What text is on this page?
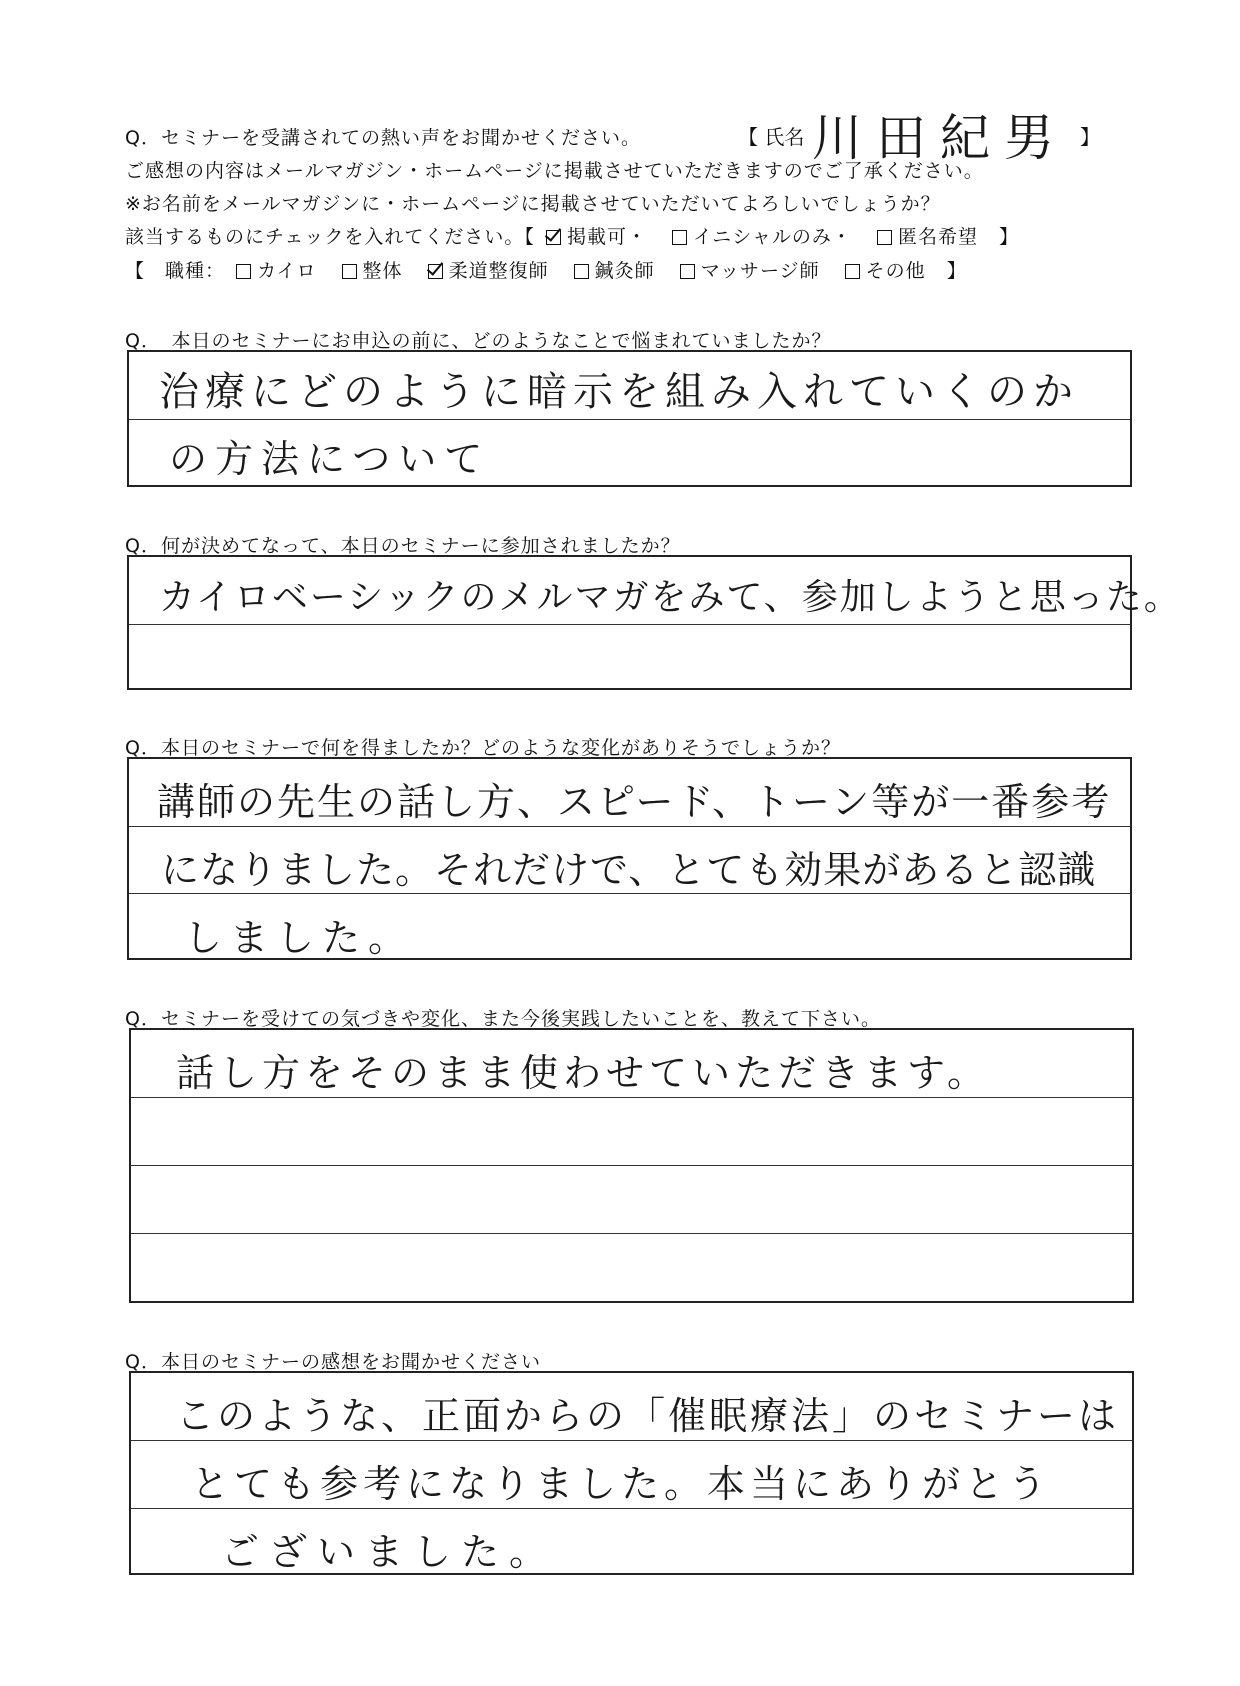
Q．セミナーを受講されての熱い声をお聞かせください。	【 氏名 川田紀男 】
ご感想の内容はメールマガジン・ホームページに掲載させていただきますのでご了承ください。
※お名前をメールマガジンに・ホームページに掲載させていただいてよろしいでしょうか？
該当するものにチェックを入れてください。【 掲載可・ イニシャルのみ・ 匿名希望 】
【　職種： カイロ 整体 柔道整復師 鍼灸師 マッサージ師 その他 】
Q．　本日のセミナーにお申込の前に、どのようなことで悩まれていましたか？
治療にどのように暗示を組み入れていくのか
の方法について
Q．何が決めてなって、本日のセミナーに参加されましたか？
カイロベーシックのメルマガをみて、参加しようと思った。
Q．本日のセミナーで何を得ましたか？どのような変化がありそうでしょうか？
講師の先生の話し方、スピード、トーン等が一番参考
になりました。それだけで、とても効果があると認識
しました。
Q．セミナーを受けての気づきや変化、また今後実践したいことを、教えて下さい。
話し方をそのまま使わせていただきます。
Q．本日のセミナーの感想をお聞かせください
このような、正面からの「催眠療法」のセミナーは
とても参考になりました。本当にありがとう
ございました。
